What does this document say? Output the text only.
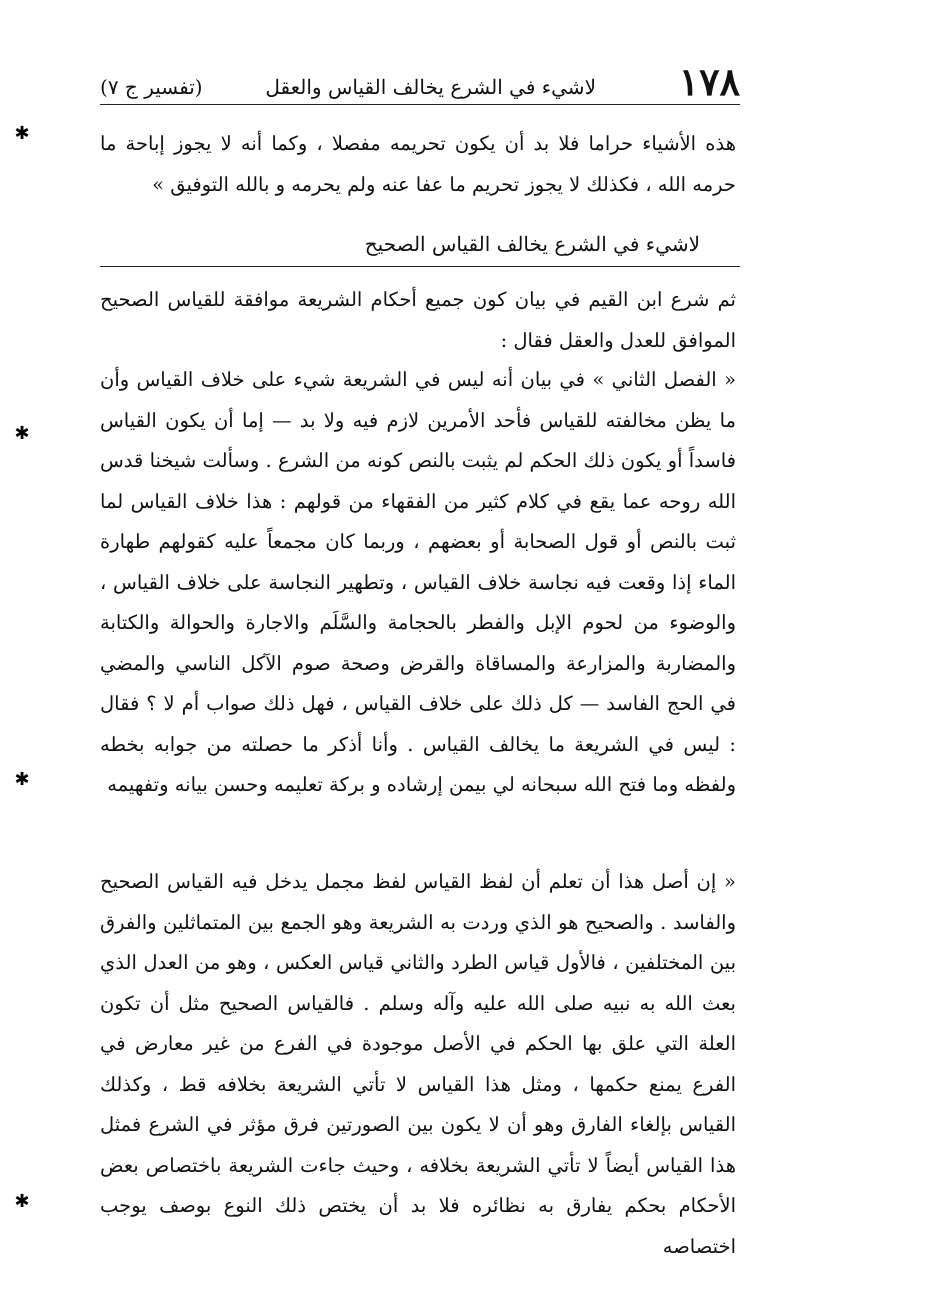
١٧٨
لاشيء في الشرع يخالف القياس والعقل
(تفسير ج ٧)

هذه الأشياء حراما فلا بد أن يكون تحريمه مفصلا ، وكما أنه لا يجوز إباحة ما حرمه الله ، فكذلك لا يجوز تحريم ما عفا عنه ولم يحرمه و بالله التوفيق »

لاشيء في الشرع يخالف القياس الصحيح

ثم شرع ابن القيم في بيان كون جميع أحكام الشريعة موافقة للقياس الصحيح الموافق للعدل والعقل فقال :

« الفصل الثاني » في بيان أنه ليس في الشريعة شيء على خلاف القياس وأن ما يظن مخالفته للقياس فأحد الأمرين لازم فيه ولا بد — إما أن يكون القياس فاسداً أو يكون ذلك الحكم لم يثبت بالنص كونه من الشرع . وسألت شيخنا قدس الله روحه عما يقع في كلام كثير من الفقهاء من قولهم : هذا خلاف القياس لما ثبت بالنص أو قول الصحابة أو بعضهم ، وربما كان مجمعاً عليه كقولهم طهارة الماء إذا وقعت فيه نجاسة خلاف القياس ، وتطهير النجاسة على خلاف القياس ، والوضوء من لحوم الإبل والفطر بالحجامة والسَّلَم والاجارة والحوالة والكتابة والمضاربة والمزارعة والمساقاة والقرض وصحة صوم الآكل الناسي والمضي في الحج الفاسد — كل ذلك على خلاف القياس ، فهل ذلك صواب أم لا ؟ فقال : ليس في الشريعة ما يخالف القياس . وأنا أذكر ما حصلته من جوابه بخطه ولفظه وما فتح الله سبحانه لي بيمن إرشاده و بركة تعليمه وحسن بيانه وتفهيمه

« إن أصل هذا أن تعلم أن لفظ القياس لفظ مجمل يدخل فيه القياس الصحيح والفاسد . والصحيح هو الذي وردت به الشريعة وهو الجمع بين المتماثلين والفرق بين المختلفين ، فالأول قياس الطرد والثاني قياس العكس ، وهو من العدل الذي بعث الله به نبيه صلى الله عليه وآله وسلم . فالقياس الصحيح مثل أن تكون العلة التي علق بها الحكم في الأصل موجودة في الفرع من غير معارض في الفرع يمنع حكمها ، ومثل هذا القياس لا تأتي الشريعة بخلافه قط ، وكذلك القياس بإلغاء الفارق وهو أن لا يكون بين الصورتين فرق مؤثر في الشرع فمثل هذا القياس أيضاً لا تأتي الشريعة بخلافه ، وحيث جاءت الشريعة باختصاص بعض الأحكام بحكم يفارق به نظائره فلا بد أن يختص ذلك النوع بوصف يوجب اختصاصه

✱
✱
✱
✱
